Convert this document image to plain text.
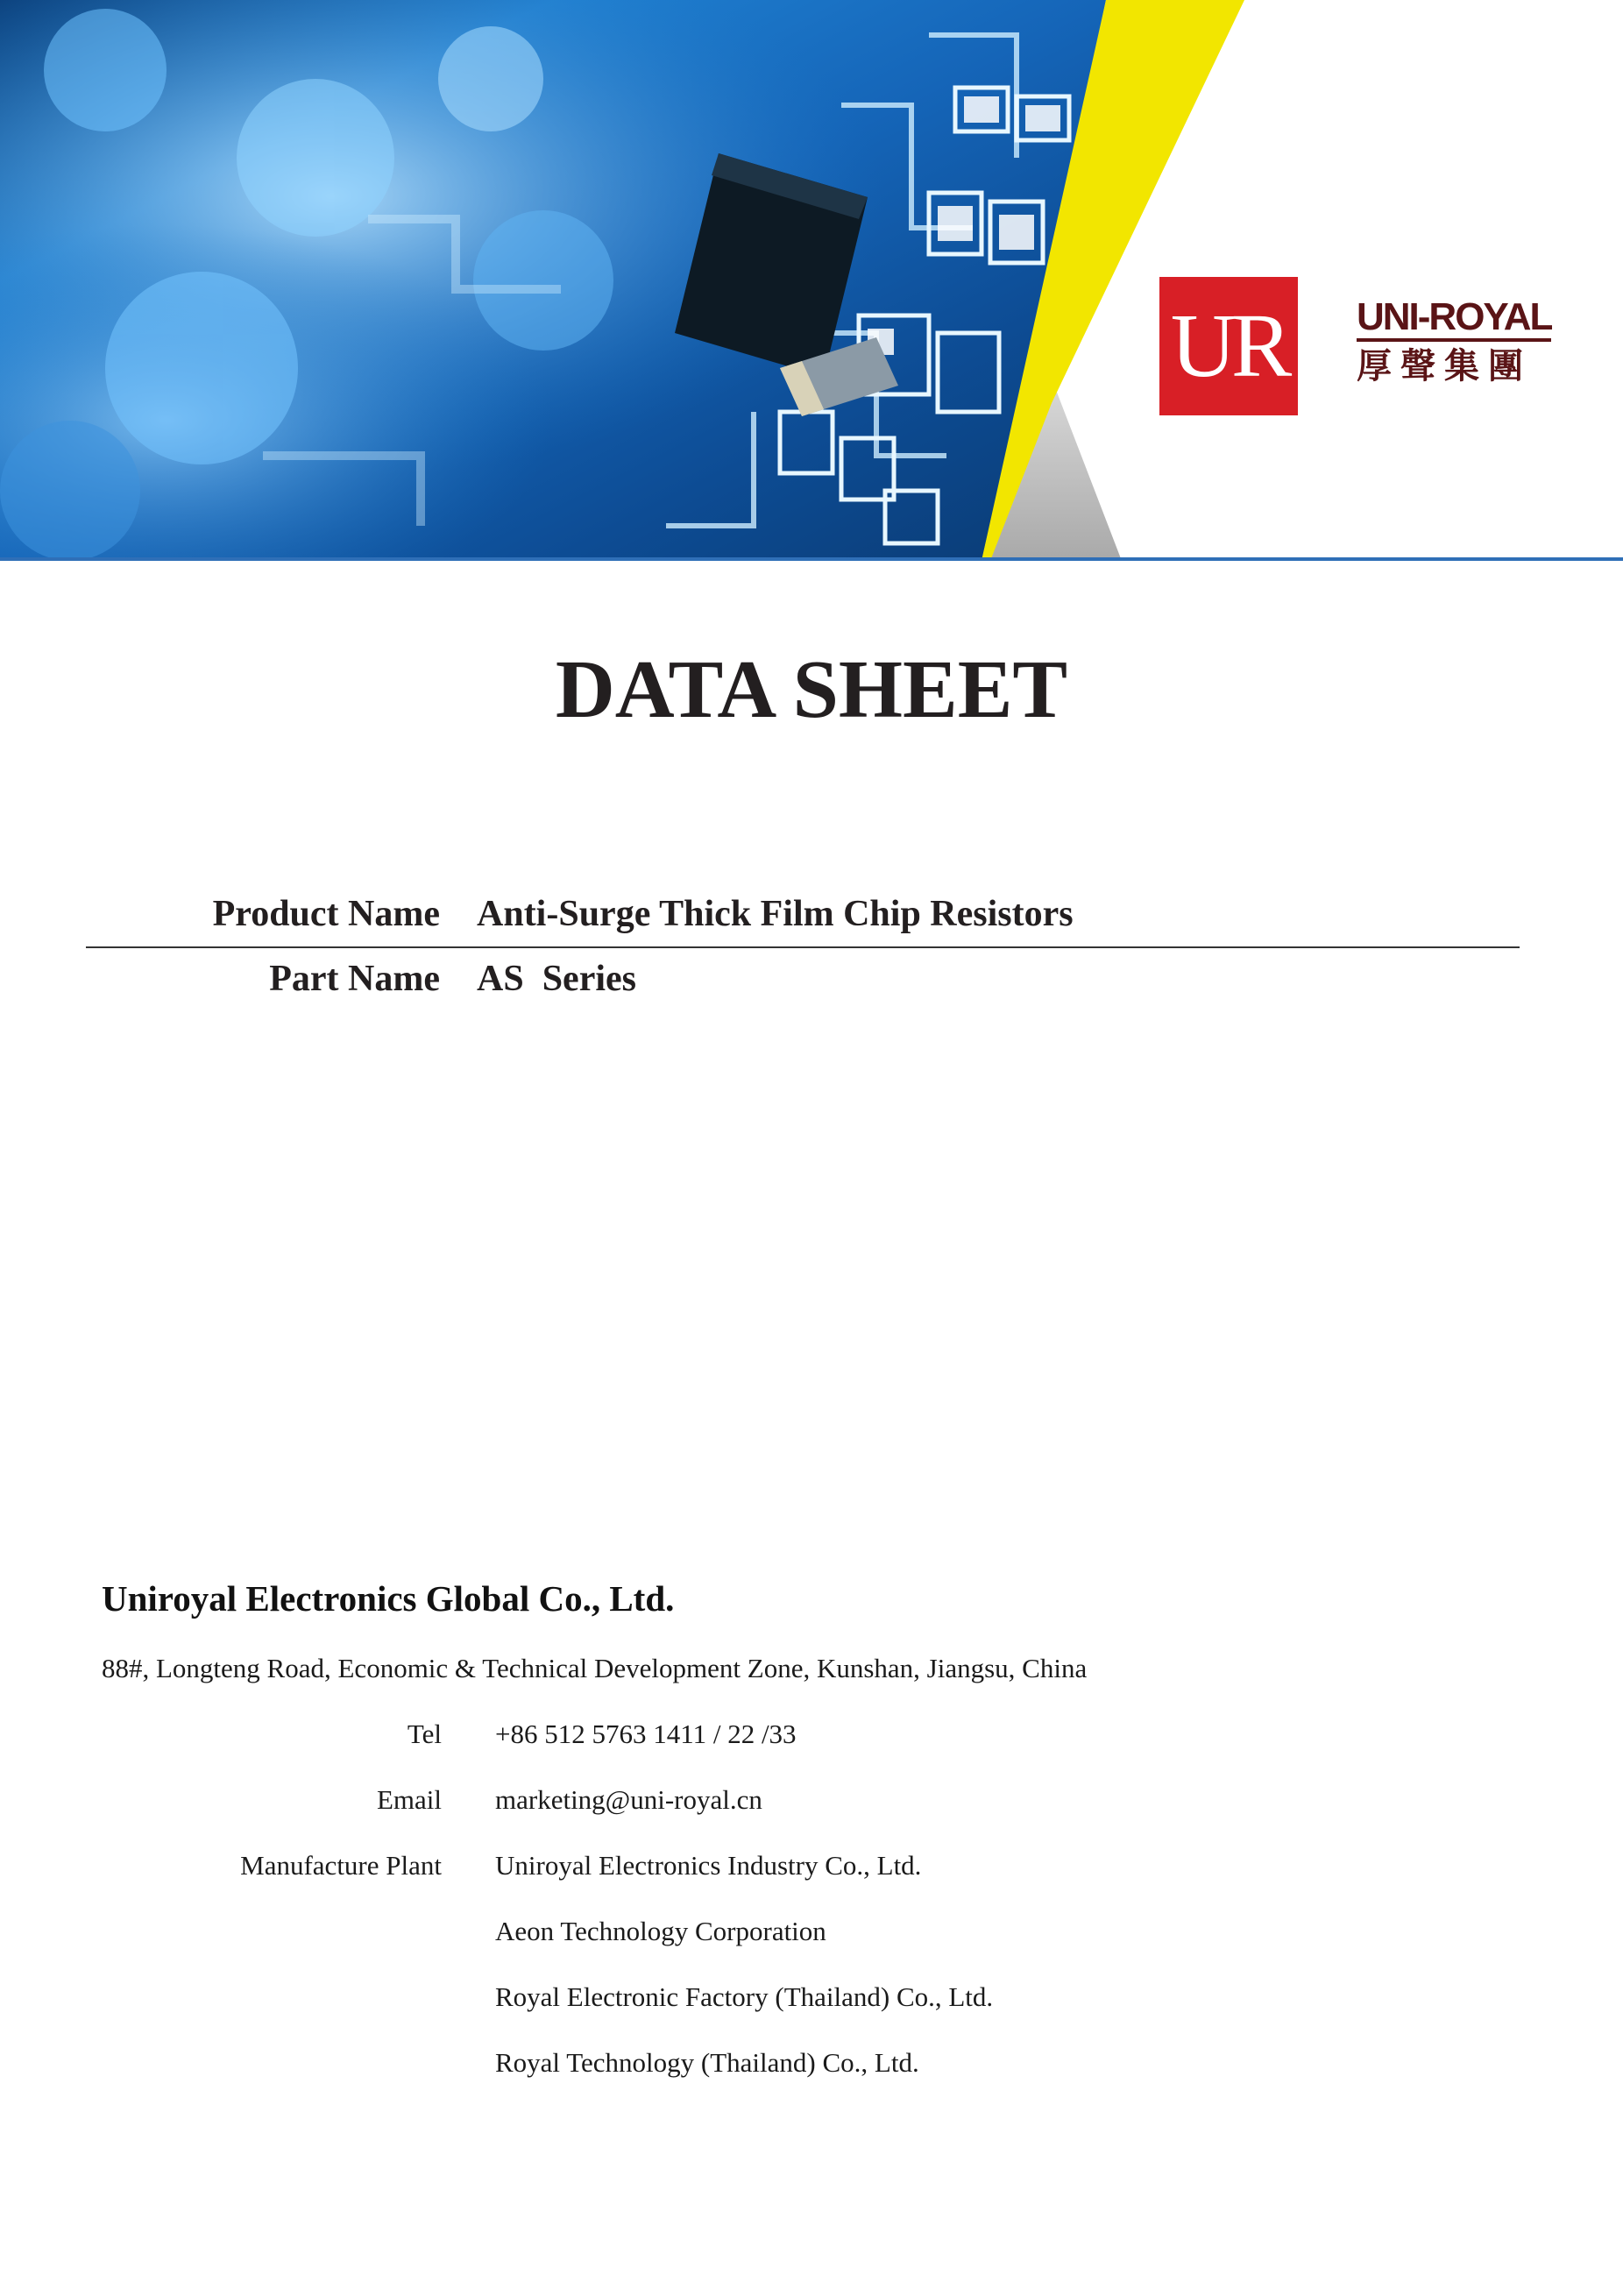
UR UNI-ROYAL
厚聲集團
DATA SHEET
Product Name Anti-Surge Thick Film Chip Resistors
Part Name AS  Series
Uniroyal Electronics Global Co., Ltd.
88#, Longteng Road, Economic & Technical Development Zone, Kunshan, Jiangsu, China
Tel +86 512 5763 1411 / 22 /33
Email marketing@uni-royal.cn
Manufacture Plant Uniroyal Electronics Industry Co., Ltd.
Aeon Technology Corporation
Royal Electronic Factory (Thailand) Co., Ltd.
Royal Technology (Thailand) Co., Ltd.
